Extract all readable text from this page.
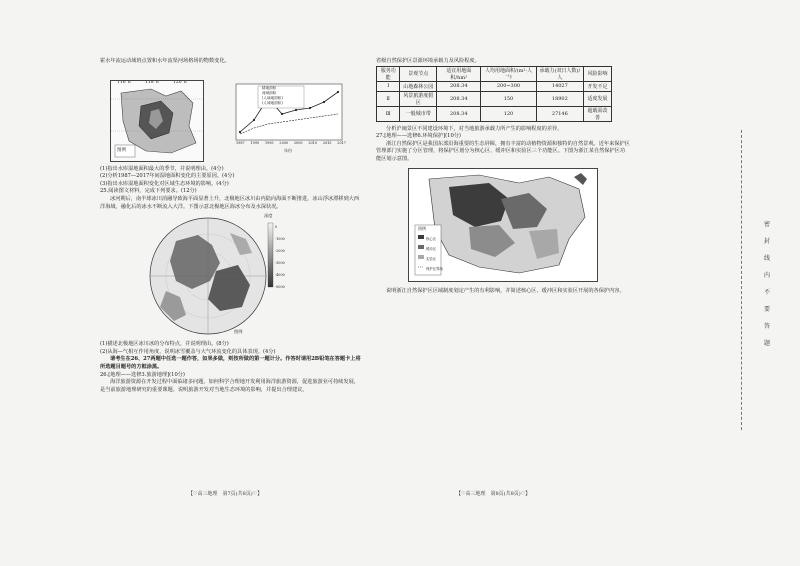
霍水年流运动域班点置和水年流渠河场格场的物数变化。

116°E	118°E	120°E
图例
耕地面积
流域面积
(人域地面积)
(人城地面积)
1987 1990 1995 2000 2005 2010 2015 2017
年份

(1)指出水库湿地面积最大的季节，并说明理由。(4分)

(2)分析1987—2017年间湿地面积变化的主要原因。(4分)

(3)指出水库湿地面积变化对区域生态环境的影响。(4分)

25.阅读图文材料，完成下列要求。(12分)

冰河期后，南半球冰川消融导致海平面显著上升，北极地区冰川由内陆向海面不断推进，冰山浮冰漂移到大西洋海域，融化后的冰水不断流入大洋。下图示意北极地区海冰分布及水深状况。

深度
0
-1000
-2000
-3000
-4000
-5000
图例

(1)描述北极地区冰川冰的分布特点，并说明理由。(8分)

(2)从海—气相互作用角度，说明冰雪覆盖与大气环流变化的具体表现。(4分)

请考生在26、27两题中任选一题作答，如果多做，则按所做的第一题计分。作答时请用2B铅笔在答题卡上将所选题目题号的方框涂黑。

26.[地理——选修3.旅游地理](10分)

海洋旅游资源在开发过程中面临诸多问题，如何科学合理地开发利用海洋旅游资源，促进旅游业可持续发展，是当前旅游地理研究的重要课题。说明旅游开发对当地生态环境的影响，并提出合理建议。

省级自然保护区景源环境承载力及风险程度。

服务功能	景观节点	适宜用地面积/hm²	人均用地面积/(m²·人⁻¹)	承载力(双日人数)/人	风险影响
Ⅰ	山地森林公园	208.34	200~300	14027	开发不足
Ⅱ	风景旅游度假区	208.34	150	18902	适度发展
Ⅲ	一般城市带	208.34	120	27146	超载需改善

分析沪闽景区不同建设环境下，对当地旅游承载力所产生的影响程度的差异。

27.[地理——选修6.环境保护](10分)

浙江自然保护区是我国东部沿海重要的生态屏障，拥有丰富的动植物资源和独特的自然景观。近年来保护区管理部门实施了分区管理，将保护区划分为核心区、缓冲区和实验区三个功能区。下图为浙江某自然保护区功能区划示意图。

图例
核心区
缓冲区
实验区
保护区界线

说明浙江自然保护区区域制度划定产生的有利影响，并简述核心区、缓冲区和实验区开展的各保护内容。

【♡高三地理　第7页(共8页)♡】	【♡高三地理　第8页(共8页)♡】
密
封
线
内
不
要
答
题
